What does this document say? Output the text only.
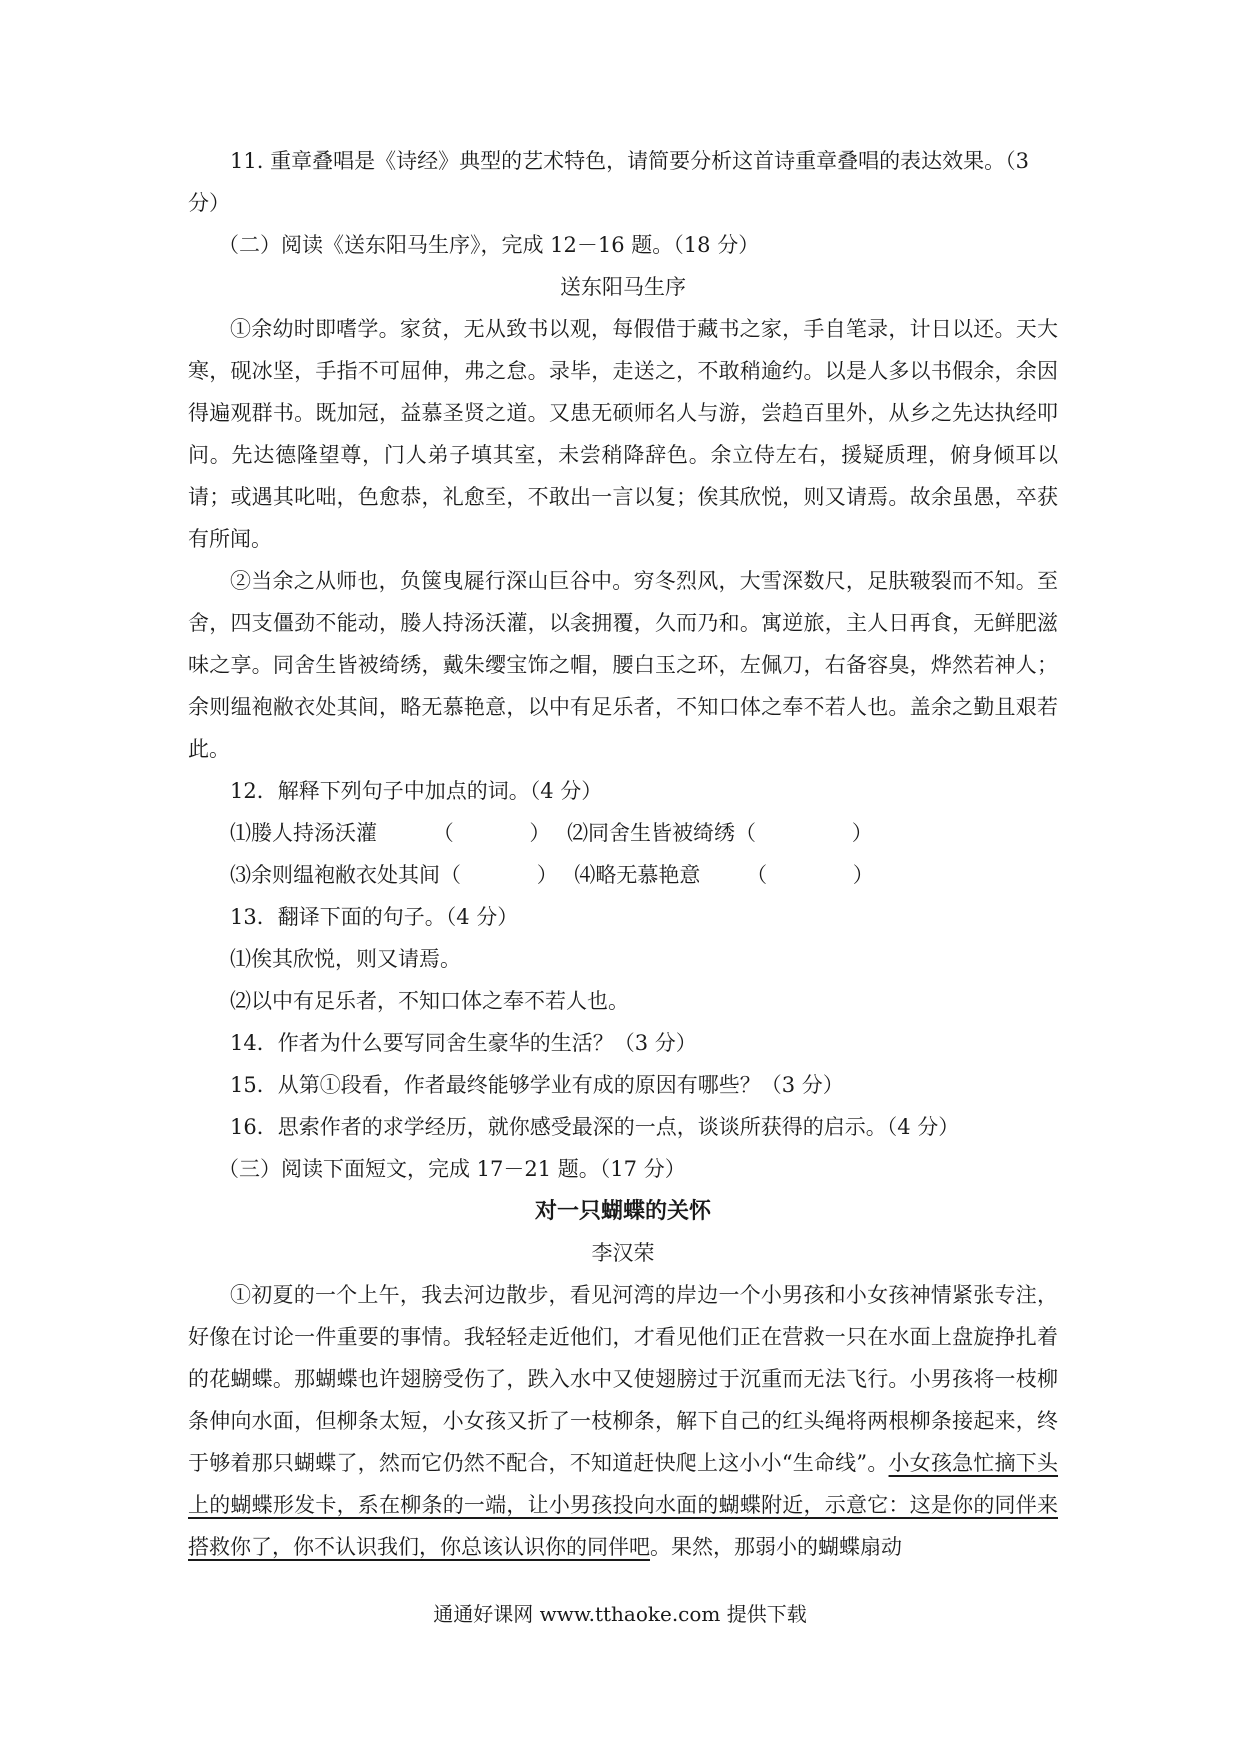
11. 重章叠唱是《诗经》典型的艺术特色，请简要分析这首诗重章叠唱的表达效果。（3
分）
（二）阅读《送东阳马生序》，完成 12－16 题。（18 分）
送东阳马生序
①余幼时即嗜学。家贫，无从致书以观，每假借于藏书之家，手自笔录，计日以还。天大寒，砚冰坚，手指不可屈伸，弗之怠。录毕，走送之，不敢稍逾约。以是人多以书假余，余因得遍观群书。既加冠，益慕圣贤之道。又患无硕师名人与游，尝趋百里外，从乡之先达执经叩问。先达德隆望尊，门人弟子填其室，未尝稍降辞色。余立侍左右，援疑质理，俯身倾耳以请；或遇其叱咄，色愈恭，礼愈至，不敢出一言以复；俟其欣悦，则又请焉。故余虽愚，卒获有所闻。
②当余之从师也，负箧曳屣行深山巨谷中。穷冬烈风，大雪深数尺，足肤皲裂而不知。至舍，四支僵劲不能动，媵人持汤沃灌，以衾拥覆，久而乃和。寓逆旅，主人日再食，无鲜肥滋味之享。同舍生皆被绮绣，戴朱缨宝饰之帽，腰白玉之环，左佩刀，右备容臭，烨然若神人；余则缊袍敝衣处其间，略无慕艳意，以中有足乐者，不知口体之奉不若人也。盖余之勤且艰若此。
12．解释下列句子中加点的词。（4 分）
⑴媵人持汤沃灌	（	） ⑵同舍生皆被绮绣（	）
⑶余则缊袍敝衣处其间（	） ⑷略无慕艳意 （	）
13．翻译下面的句子。（4 分）
⑴俟其欣悦，则又请焉。
⑵以中有足乐者，不知口体之奉不若人也。
14．作者为什么要写同舍生豪华的生活？（3 分）
15．从第①段看，作者最终能够学业有成的原因有哪些？（3 分）
16．思索作者的求学经历，就你感受最深的一点，谈谈所获得的启示。（4 分）
（三）阅读下面短文，完成 17－21 题。（17 分）
对一只蝴蝶的关怀
李汉荣
①初夏的一个上午，我去河边散步，看见河湾的岸边一个小男孩和小女孩神情紧张专注，好像在讨论一件重要的事情。我轻轻走近他们，才看见他们正在营救一只在水面上盘旋挣扎着的花蝴蝶。那蝴蝶也许翅膀受伤了，跌入水中又使翅膀过于沉重而无法飞行。小男孩将一枝柳条伸向水面，但柳条太短，小女孩又折了一枝柳条，解下自己的红头绳将两根柳条接起来，终于够着那只蝴蝶了，然而它仍然不配合，不知道赶快爬上这小小“生命线”。小女孩急忙摘下头上的蝴蝶形发卡，系在柳条的一端，让小男孩投向水面的蝴蝶附近，示意它：这是你的同伴来搭救你了，你不认识我们，你总该认识你的同伴吧。果然，那弱小的蝴蝶扇动
通通好课网 www.tthaoke.com 提供下载
